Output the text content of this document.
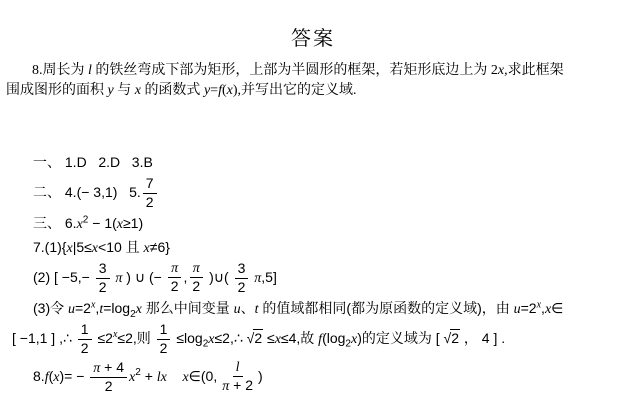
答案
8.周长为 l 的铁丝弯成下部为矩形，上部为半圆形的框架，若矩形底边上为 2x,求此框架
围成图形的面积 y 与 x 的函数式 y=f(x),并写出它的定义域.
一、 1.D   2.D   3.B
二、 4.(− 3,1)   5. $\frac{7}{2}$
三、 $6.x^2 - 1(x\ge 1)$
7.(1){x|5≤x<10 且 x≠6}
(2) [ $-5,- \frac{3}{2}$ π ) ∪ (− $\frac{\pi}{2}$ , $\frac{\pi}{2}$ )∪( $\frac{3}{2} \pi,5$]
(3)令 $u=2^x,t=\log_2x$ 那么中间变量 u、t 的值域都相同(都为原函数的定义域)，由 $u=2^x,x\in$
[ −1,1 ] ,∴ $\frac{1}{2} \le 2^x\le 2$,则 $\frac{1}{2}$ $\le\log_2x\le 2,\therefore$ √2 ≤x≤4,故 $f(\log_2x)$的定义域为 [ √2 ， 4 ] .
$8.f(x)= - \frac{\pi + 4}{2} x^2$ + lx x∈(0, $\frac{l}{\pi + 2}$ )
